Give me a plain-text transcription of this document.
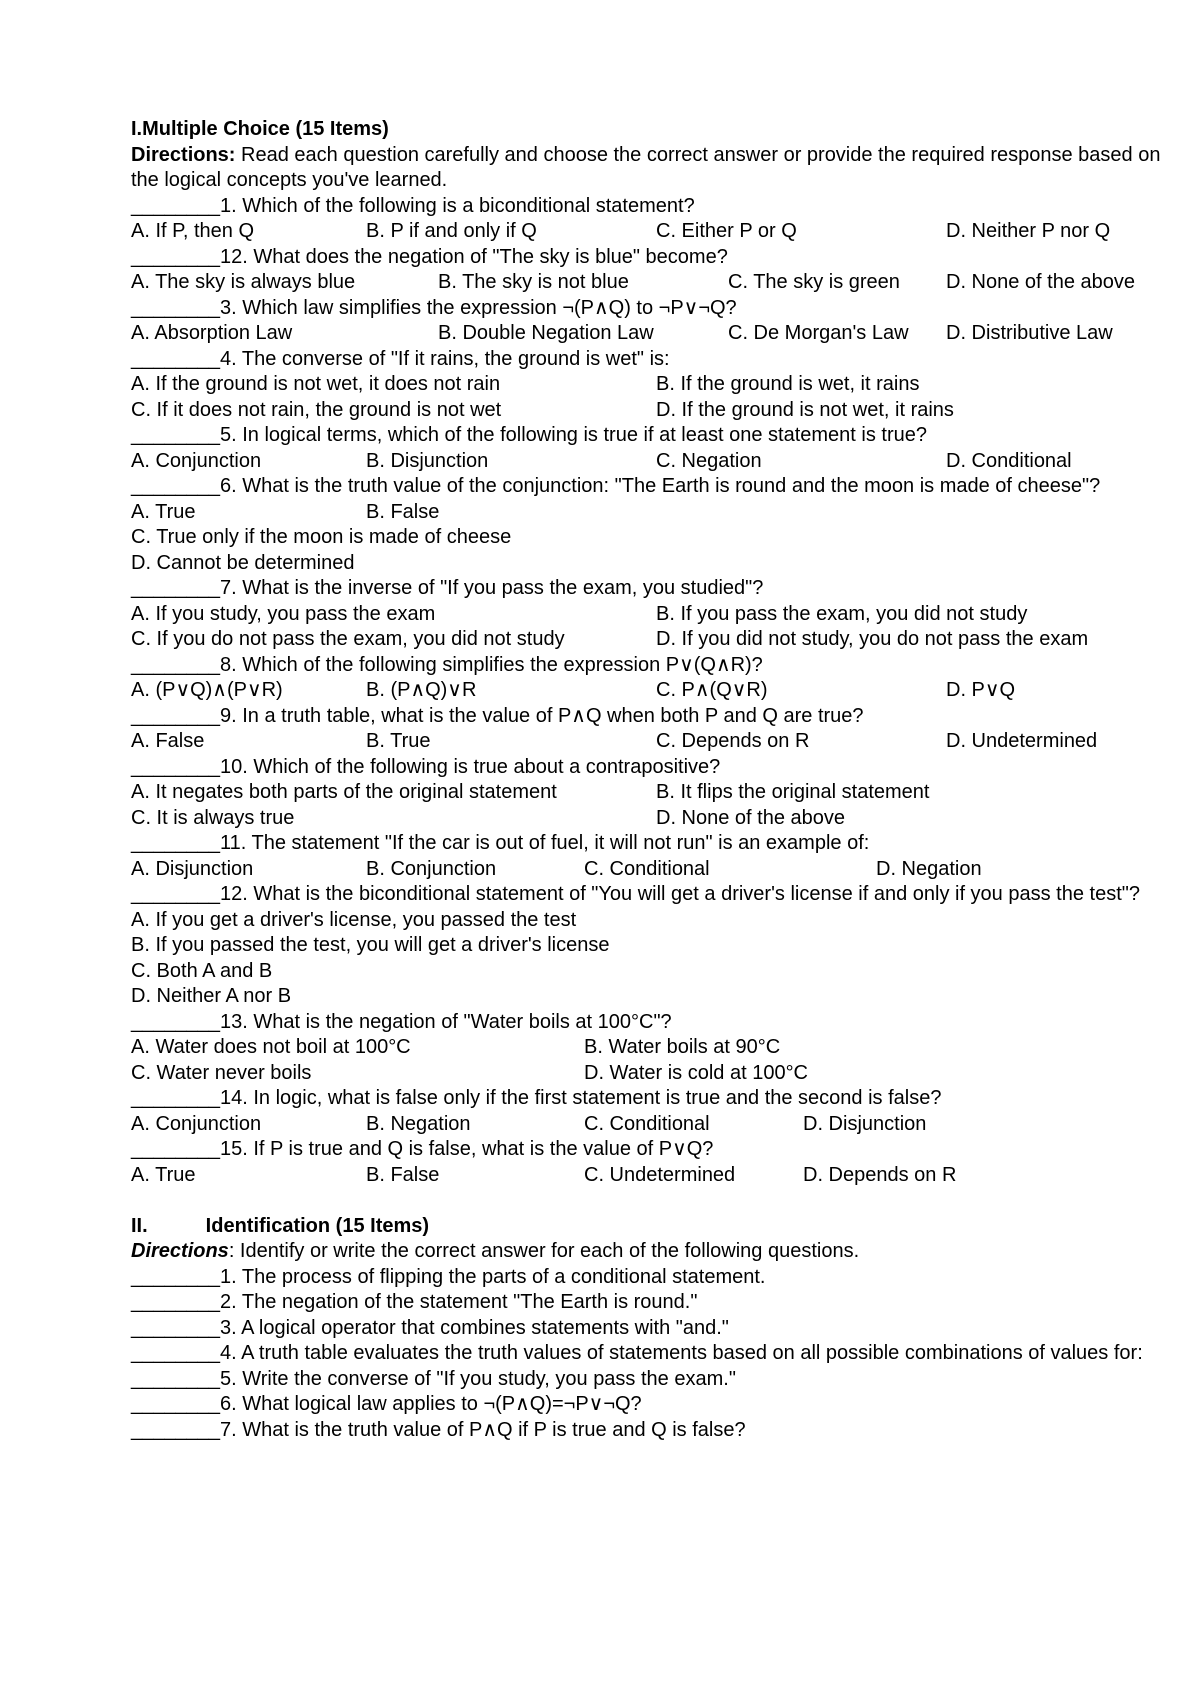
I.Multiple Choice (15 Items)
Directions: Read each question carefully and choose the correct answer or provide the required response based on the logical concepts you've learned.
________1. Which of the following is a biconditional statement?
A. If P, then Q	B. P if and only if Q	C. Either P or Q	D. Neither P nor Q
________12. What does the negation of "The sky is blue" become?
A. The sky is always blue	B. The sky is not blue	C. The sky is green D. None of the above
________3. Which law simplifies the expression ¬(P∧Q) to ¬P∨¬Q?
A. Absorption Law	B. Double Negation Law	C. De Morgan's Law D. Distributive Law
________4. The converse of "If it rains, the ground is wet" is:
A. If the ground is not wet, it does not rain	B. If the ground is wet, it rains
C. If it does not rain, the ground is not wet	D. If the ground is not wet, it rains
________5. In logical terms, which of the following is true if at least one statement is true?
A. Conjunction	B. Disjunction	C. Negation	D. Conditional
________6. What is the truth value of the conjunction: "The Earth is round and the moon is made of cheese"?
A. True	B. False
C. True only if the moon is made of cheese
D. Cannot be determined
________7. What is the inverse of "If you pass the exam, you studied"?
A. If you study, you pass the exam	B. If you pass the exam, you did not study
C. If you do not pass the exam, you did not study	D. If you did not study, you do not pass the exam
________8. Which of the following simplifies the expression P∨(Q∧R)?
A. (P∨Q)∧(P∨R)	B. (P∧Q)∨R	C. P∧(Q∨R)	D. P∨Q
________9. In a truth table, what is the value of P∧Q when both P and Q are true?
A. False	B. True	C. Depends on R	D. Undetermined
________10. Which of the following is true about a contrapositive?
A. It negates both parts of the original statement	B. It flips the original statement
C. It is always true	D. None of the above
________11. The statement "If the car is out of fuel, it will not run" is an example of:
A. Disjunction	B. Conjunction	C. Conditional	D. Negation
________12. What is the biconditional statement of "You will get a driver's license if and only if you pass the test"?
A. If you get a driver's license, you passed the test
B. If you passed the test, you will get a driver's license
C. Both A and B
D. Neither A nor B
________13. What is the negation of "Water boils at 100°C"?
A. Water does not boil at 100°C	B. Water boils at 90°C
C. Water never boils	D. Water is cold at 100°C
________14. In logic, what is false only if the first statement is true and the second is false?
A. Conjunction	B. Negation	C. Conditional	D. Disjunction
________15. If P is true and Q is false, what is the value of P∨Q?
A. True	B. False	C. Undetermined	D. Depends on R
II.	Identification (15 Items)
Directions: Identify or write the correct answer for each of the following questions.
________1. The process of flipping the parts of a conditional statement.
________2. The negation of the statement "The Earth is round."
________3. A logical operator that combines statements with "and."
________4. A truth table evaluates the truth values of statements based on all possible combinations of values for:
________5. Write the converse of "If you study, you pass the exam."
________6. What logical law applies to ¬(P∧Q)=¬P∨¬Q?
________7. What is the truth value of P∧Q if P is true and Q is false?
